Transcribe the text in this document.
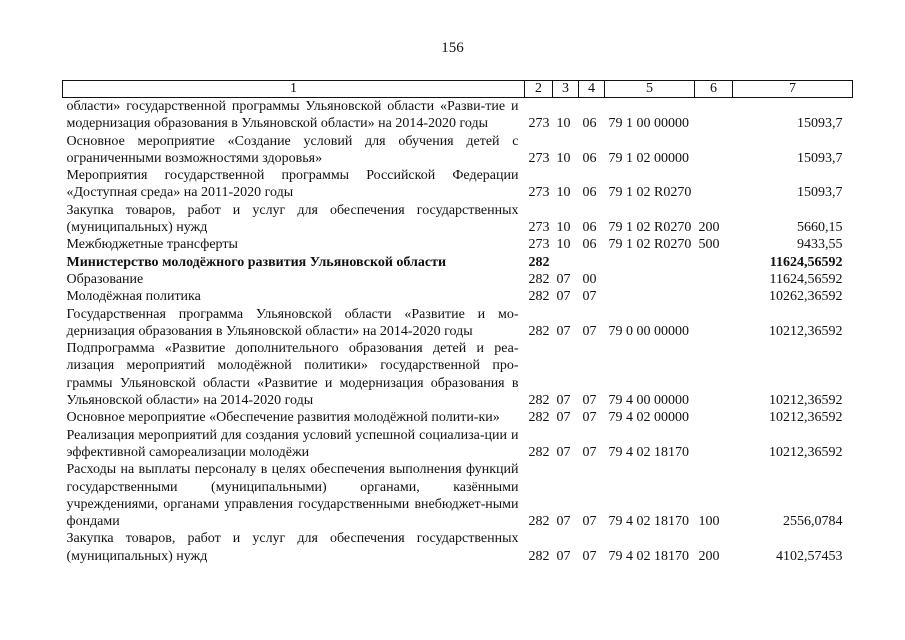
156
1	2	3	4	5	6	7
области» государственной программы Ульяновской области «Разви-тие и модернизация образования в Ульяновской области» на 2014-2020 годы	273	10	06	79 1 00 00000		15093,7
Основное мероприятие «Создание условий для обучения детей с ограниченными возможностями здоровья»	273	10	06	79 1 02 00000		15093,7
Мероприятия государственной программы Российской Федерации «Доступная среда» на 2011-2020 годы	273	10	06	79 1 02 R0270		15093,7
Закупка товаров, работ и услуг для обеспечения государственных (муниципальных) нужд	273	10	06	79 1 02 R0270	200	5660,15
Межбюджетные трансферты	273	10	06	79 1 02 R0270	500	9433,55
Министерство молодёжного развития Ульяновской области	282					11624,56592
Образование	282	07	00			11624,56592
Молодёжная политика	282	07	07			10262,36592
Государственная программа Ульяновской области «Развитие и мо-дернизация образования в Ульяновской области» на 2014-2020 годы	282	07	07	79 0 00 00000		10212,36592
Подпрограмма «Развитие дополнительного образования детей и реа-лизация мероприятий молодёжной политики» государственной про-граммы Ульяновской области «Развитие и модернизация образования в Ульяновской области» на 2014-2020 годы	282	07	07	79 4 00 00000		10212,36592
Основное мероприятие «Обеспечение развития молодёжной полити-ки»	282	07	07	79 4 02 00000		10212,36592
Реализация мероприятий для создания условий успешной социализа-ции и эффективной самореализации молодёжи	282	07	07	79 4 02 18170		10212,36592
Расходы на выплаты персоналу в целях обеспечения выполнения функций государственными (муниципальными) органами, казёнными учреждениями, органами управления государственными внебюджет-ными фондами	282	07	07	79 4 02 18170	100	2556,0784
Закупка товаров, работ и услуг для обеспечения государственных (муниципальных) нужд	282	07	07	79 4 02 18170	200	4102,57453
